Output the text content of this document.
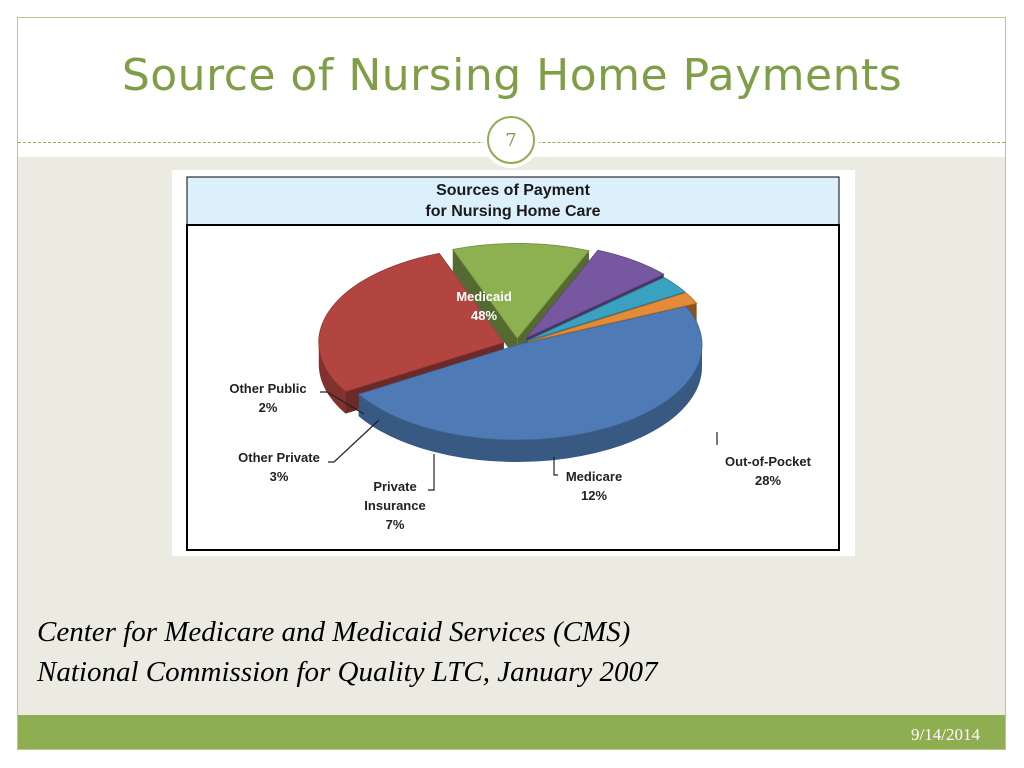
Source of Nursing Home Payments
7
Sources of Payment
for Nursing Home Care
Medicaid
48%
Out-of-Pocket
28%
Medicare
12%
Private
Insurance
7%
Other Private
3%
Other Public
2%
Center for Medicare and Medicaid Services (CMS)
National Commission for Quality LTC, January 2007
9/14/2014
